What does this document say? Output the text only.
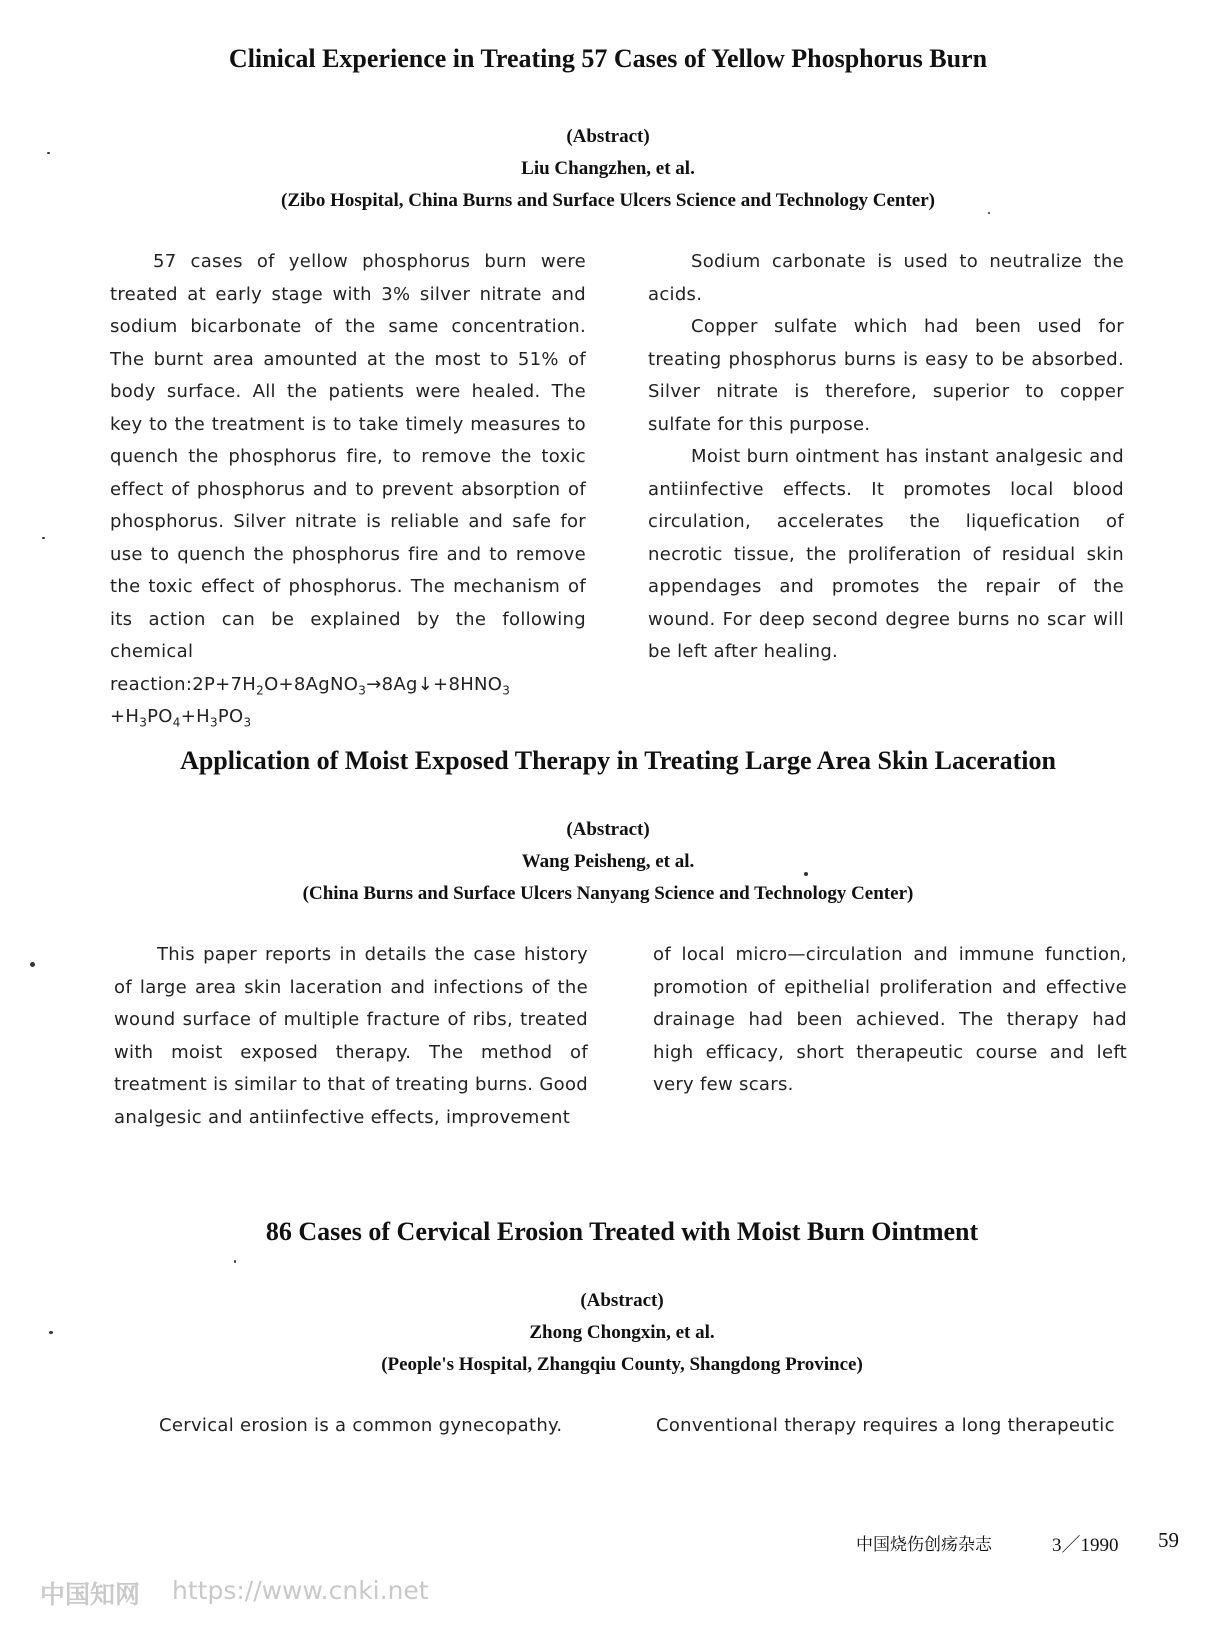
Clinical Experience in Treating 57 Cases of Yellow Phosphorus Burn
(Abstract)
Liu Changzhen, et al.
(Zibo Hospital, China Burns and Surface Ulcers Science and Technology Center)

57 cases of yellow phosphorus burn were treated at early stage with 3% silver nitrate and sodium bicarbonate of the same concentration. The burnt area amounted at the most to 51% of body surface. All the patients were healed. The key to the treatment is to take timely measures to quench the phosphorus fire, to remove the toxic effect of phosphorus and to prevent absorption of phosphorus. Silver nitrate is reliable and safe for use to quench the phosphorus fire and to remove the toxic effect of phosphorus. The mechanism of its action can be explained by the following chemical $reaction:2P+7H_2O+8AgNO_3\to 8Ag↓+8HNO_3 +H_3PO_4+H_3PO_3$

Sodium carbonate is used to neutralize the acids.

Copper sulfate which had been used for treating phosphorus burns is easy to be absorbed. Silver nitrate is therefore, superior to copper sulfate for this purpose.

Moist burn ointment has instant analgesic and antiinfective effects. It promotes local blood circulation, accelerates the liquefication of necrotic tissue, the proliferation of residual skin appendages and promotes the repair of the wound. For deep second degree burns no scar will be left after healing.

Application of Moist Exposed Therapy in Treating Large Area Skin Laceration
(Abstract)
Wang Peisheng, et al.
(China Burns and Surface Ulcers Nanyang Science and Technology Center)

This paper reports in details the case history of large area skin laceration and infections of the wound surface of multiple fracture of ribs, treated with moist exposed therapy. The method of treatment is similar to that of treating burns. Good analgesic and antiinfective effects, improvement

of local micro—circulation and immune function, promotion of epithelial proliferation and effective drainage had been achieved. The therapy had high efficacy, short therapeutic course and left very few scars.

86 Cases of Cervical Erosion Treated with Moist Burn Ointment
(Abstract)
Zhong Chongxin, et al.
(People's Hospital, Zhangqiu County, Shangdong Province)

Cervical erosion is a common gynecopathy.	Conventional therapy requires a long therapeutic

中国烧伤创疡杂志	3／1990 59
中国知网 https://www.cnki.net
